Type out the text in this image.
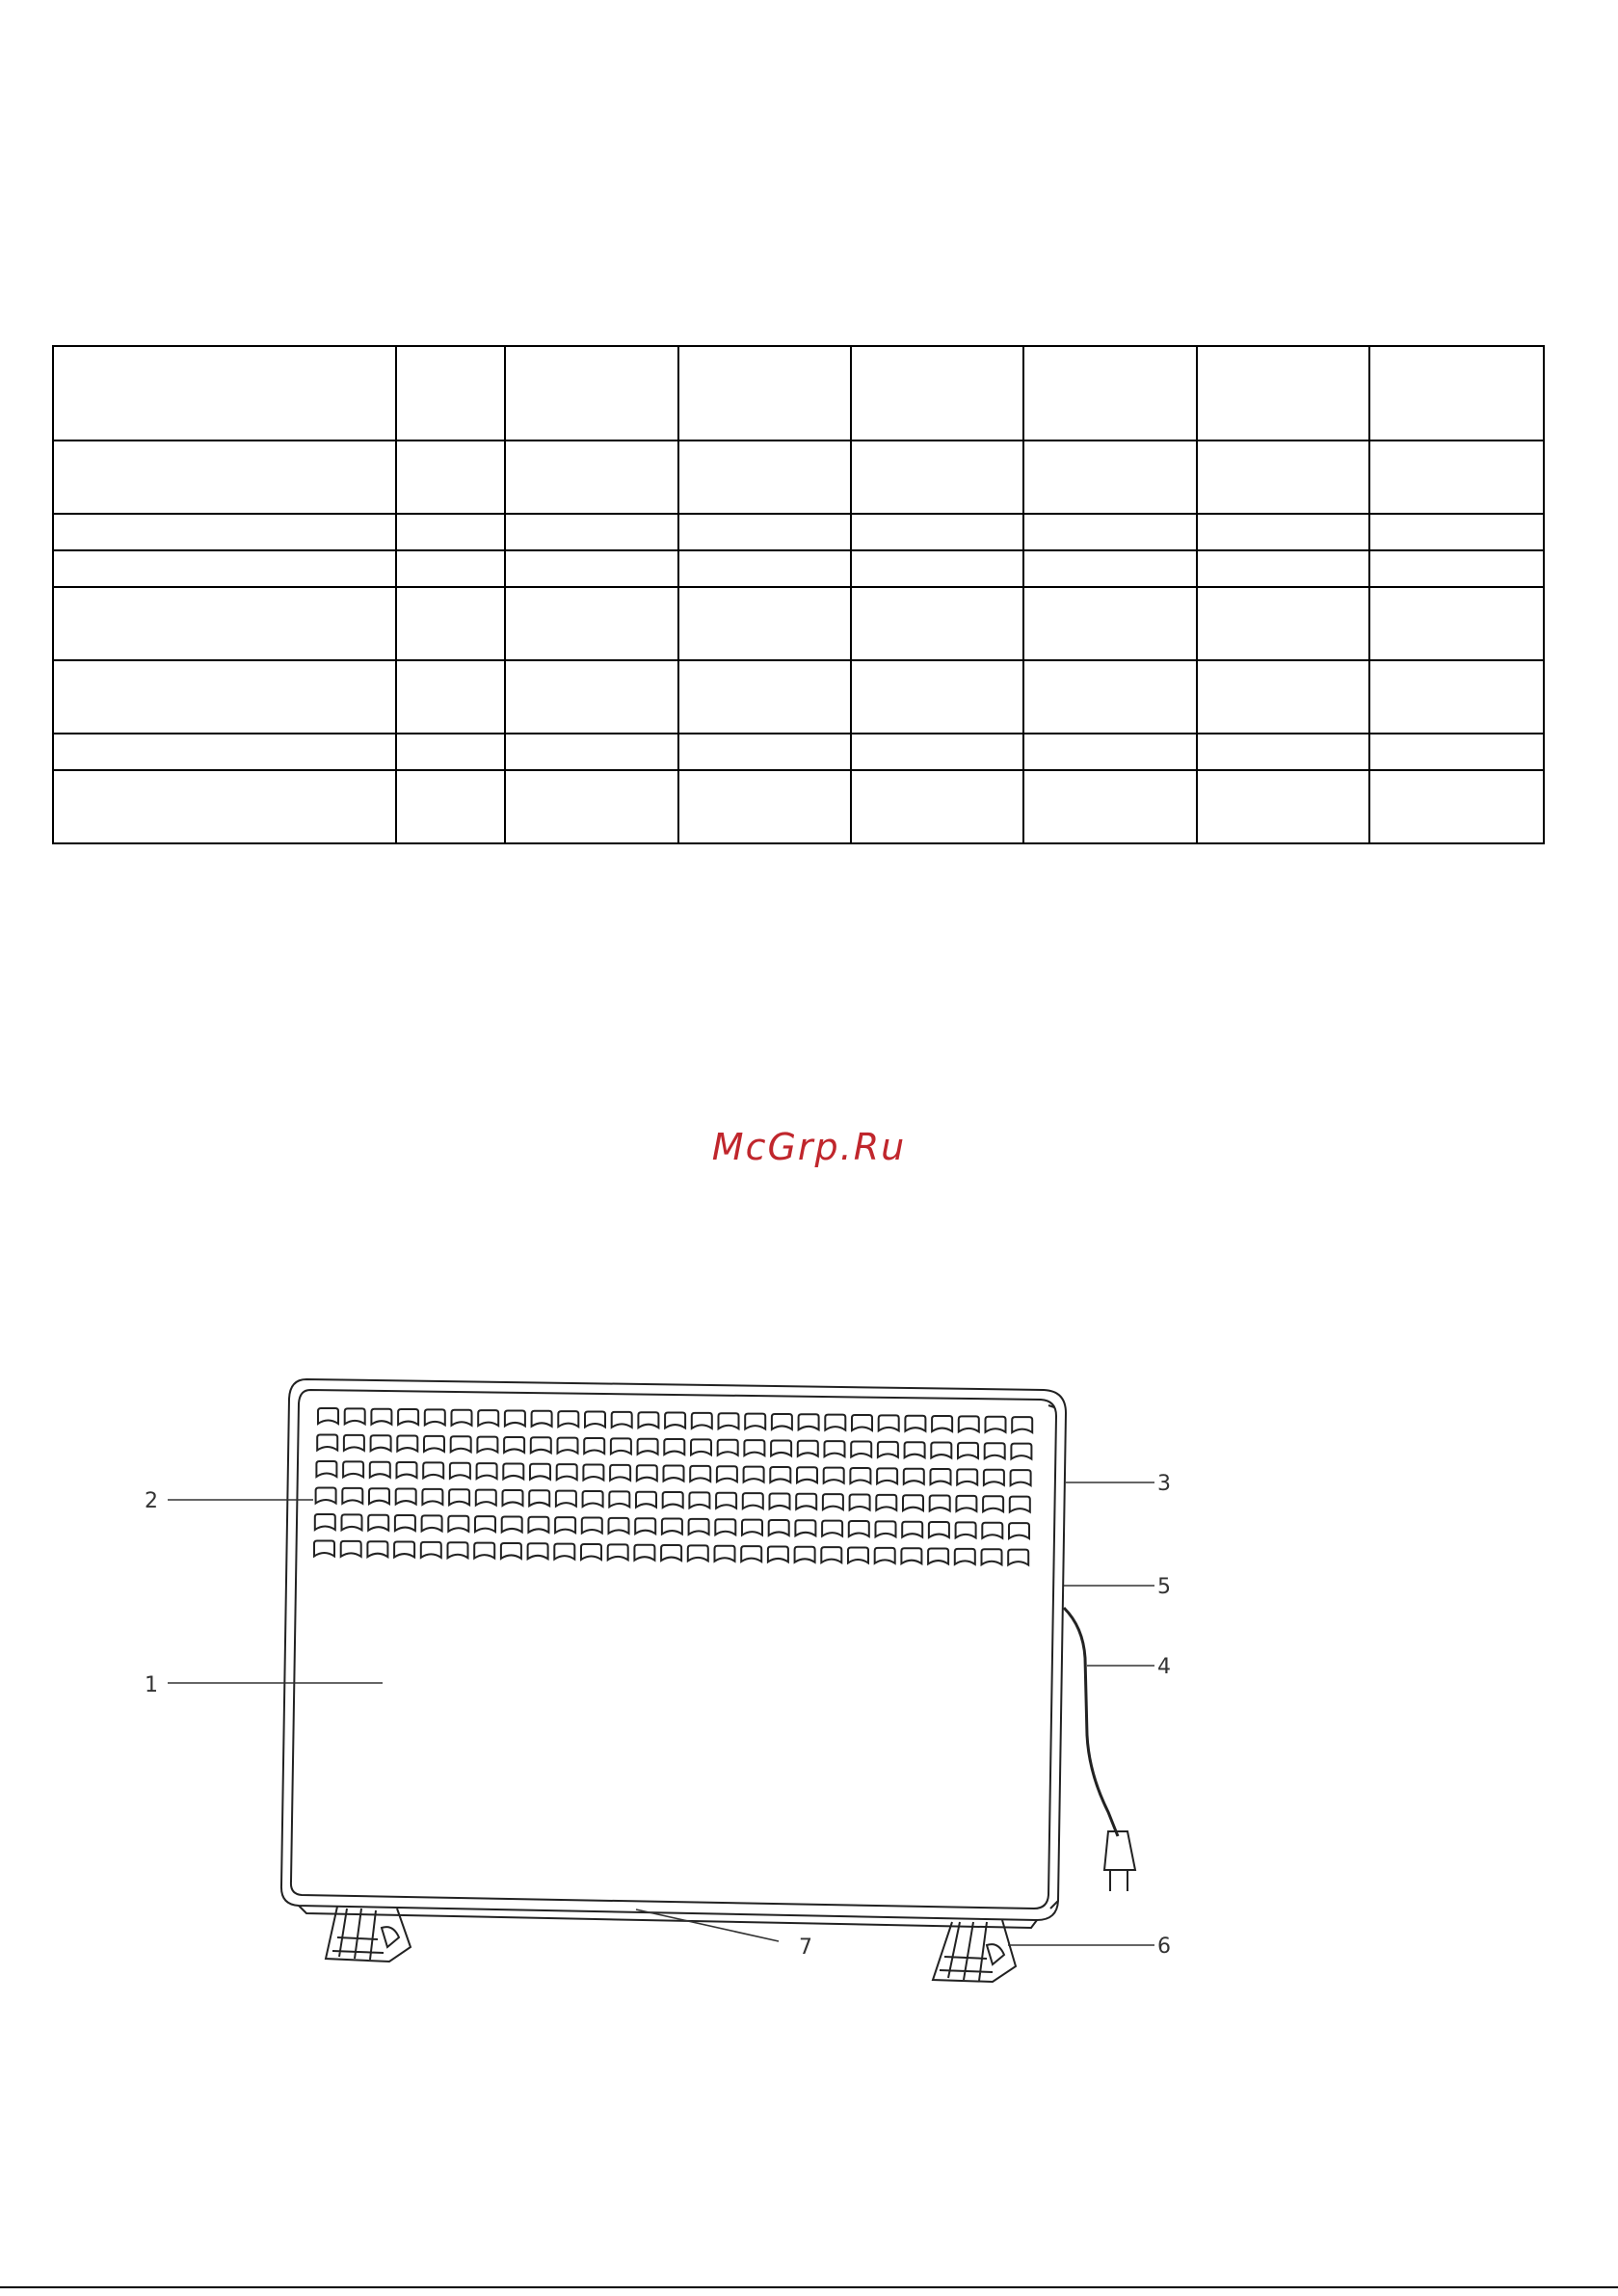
McGrp.Ru
1
2
3
4
5
6
7
